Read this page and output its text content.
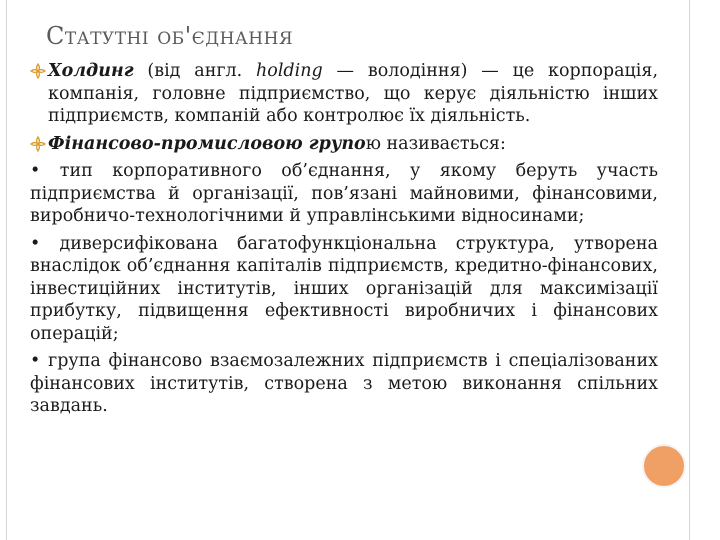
Статутні об'єднання
Холдинг (від англ. holding — володіння) — це корпорація, компанія, головне підприємство, що керує діяльністю інших підприємств, компаній або контролює їх діяльність.
Фінансово-промисловою групою називається:
• тип корпоративного об’єднання, у якому беруть участь підприємства й організації, пов’язані майновими, фінансовими, виробничо-технологічними й управлінськими відносинами;
• диверсифікована багатофункціональна структура, утворена внаслідок об’єднання капіталів підприємств, кредитно-фінансових, інвестиційних інститутів, інших організацій для максимізації прибутку, підвищення ефективності виробничих і фінансових операцій;
• група фінансово взаємозалежних підприємств і спеціалізованих фінансових інститутів, створена з метою виконання спільних завдань.
